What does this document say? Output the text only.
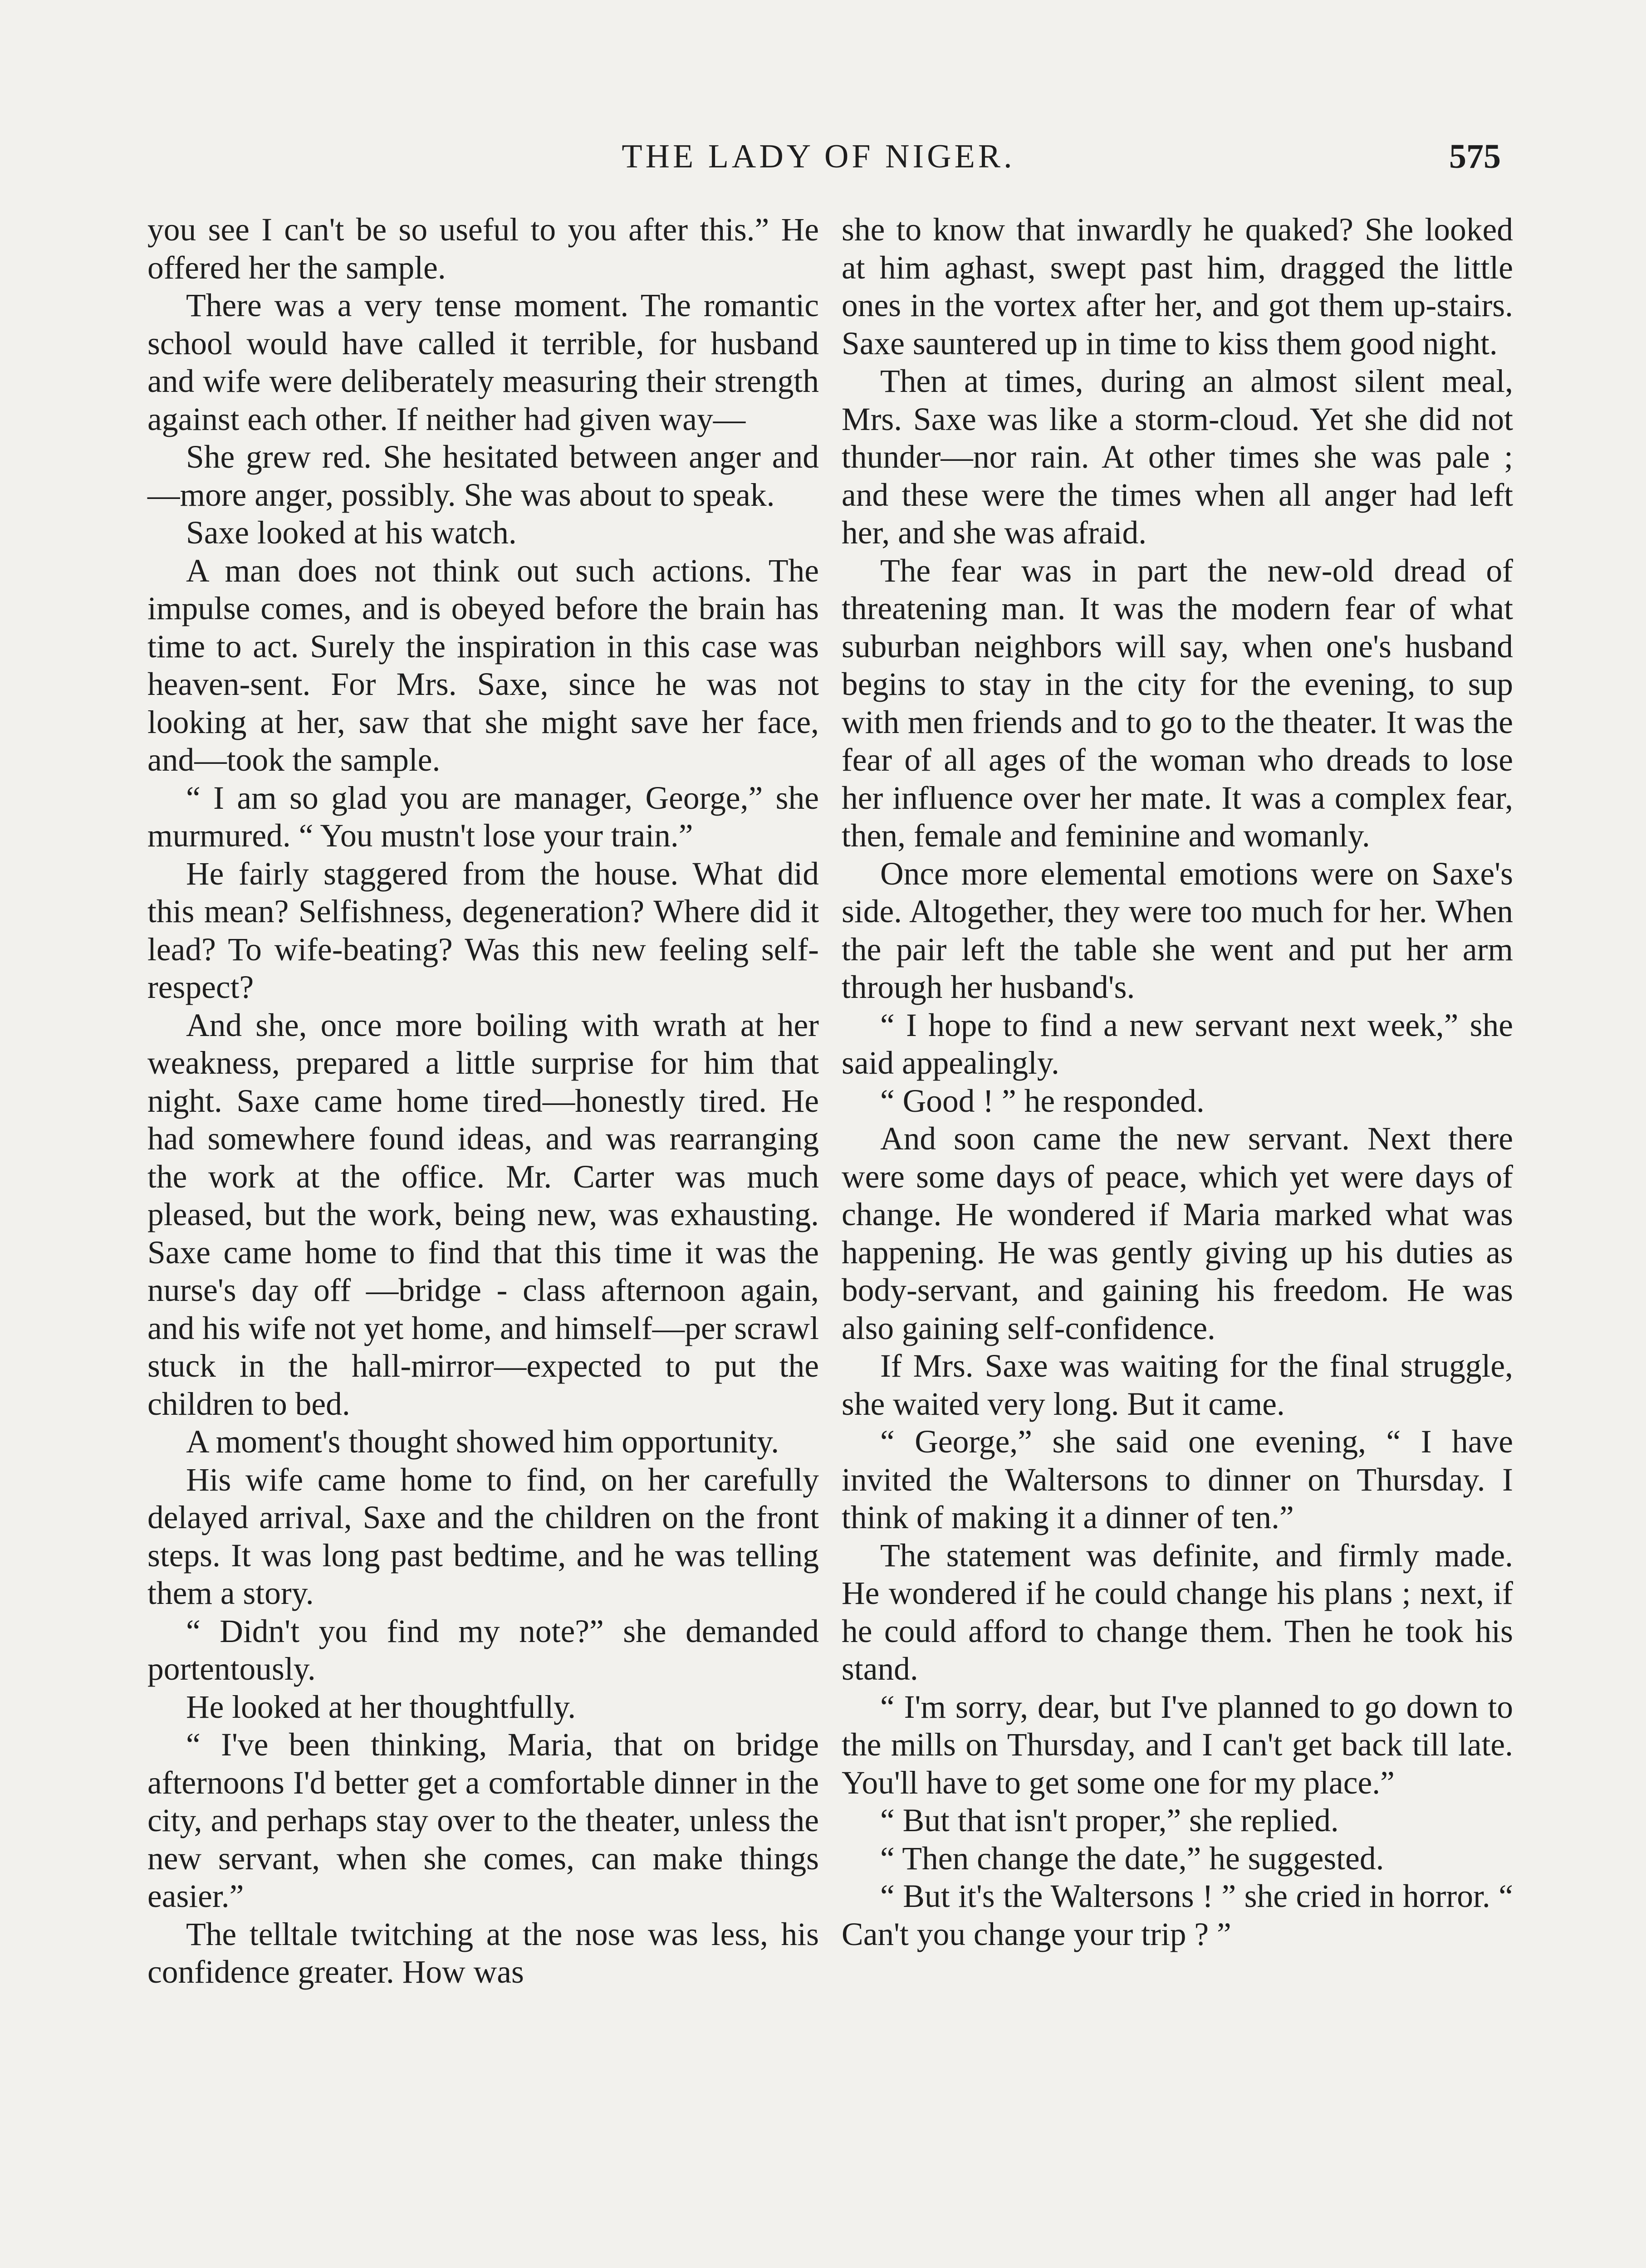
THE LADY OF NIGER.	575

you see I can't be so useful to you after this.” He offered her the sample.

There was a very tense moment. The romantic school would have called it terrible, for husband and wife were deliberately measuring their strength against each other. If neither had given way—

She grew red. She hesitated between anger and—more anger, possibly. She was about to speak.

Saxe looked at his watch.

A man does not think out such actions. The impulse comes, and is obeyed before the brain has time to act. Surely the inspiration in this case was heaven-sent. For Mrs. Saxe, since he was not looking at her, saw that she might save her face, and—took the sample.

“ I am so glad you are manager, George,” she murmured. “ You mustn't lose your train.”

He fairly staggered from the house. What did this mean? Selfishness, degeneration? Where did it lead? To wife-beating? Was this new feeling self-respect?

And she, once more boiling with wrath at her weakness, prepared a little surprise for him that night. Saxe came home tired—honestly tired. He had somewhere found ideas, and was rearranging the work at the office. Mr. Carter was much pleased, but the work, being new, was exhausting. Saxe came home to find that this time it was the nurse's day off —bridge - class afternoon again, and his wife not yet home, and himself—per scrawl stuck in the hall-mirror—expected to put the children to bed.

A moment's thought showed him opportunity.

His wife came home to find, on her carefully delayed arrival, Saxe and the children on the front steps. It was long past bedtime, and he was telling them a story.

“ Didn't you find my note?” she demanded portentously.

He looked at her thoughtfully.

“ I've been thinking, Maria, that on bridge afternoons I'd better get a comfortable dinner in the city, and perhaps stay over to the theater, unless the new servant, when she comes, can make things easier.”

The telltale twitching at the nose was less, his confidence greater. How was

she to know that inwardly he quaked? She looked at him aghast, swept past him, dragged the little ones in the vortex after her, and got them up-stairs. Saxe sauntered up in time to kiss them good night.

Then at times, during an almost silent meal, Mrs. Saxe was like a storm-cloud. Yet she did not thunder—nor rain. At other times she was pale ; and these were the times when all anger had left her, and she was afraid.

The fear was in part the new-old dread of threatening man. It was the modern fear of what suburban neighbors will say, when one's husband begins to stay in the city for the evening, to sup with men friends and to go to the theater. It was the fear of all ages of the woman who dreads to lose her influence over her mate. It was a complex fear, then, female and feminine and womanly.

Once more elemental emotions were on Saxe's side. Altogether, they were too much for her. When the pair left the table she went and put her arm through her husband's.

“ I hope to find a new servant next week,” she said appealingly.

“ Good ! ” he responded.

And soon came the new servant. Next there were some days of peace, which yet were days of change. He wondered if Maria marked what was happening. He was gently giving up his duties as body-servant, and gaining his freedom. He was also gaining self-confidence.

If Mrs. Saxe was waiting for the final struggle, she waited very long. But it came.

“ George,” she said one evening, “ I have invited the Waltersons to dinner on Thursday. I think of making it a dinner of ten.”

The statement was definite, and firmly made. He wondered if he could change his plans ; next, if he could afford to change them. Then he took his stand.

“ I'm sorry, dear, but I've planned to go down to the mills on Thursday, and I can't get back till late. You'll have to get some one for my place.”

“ But that isn't proper,” she replied.

“ Then change the date,” he suggested.

“ But it's the Waltersons ! ” she cried in horror. “ Can't you change your trip ? ”
